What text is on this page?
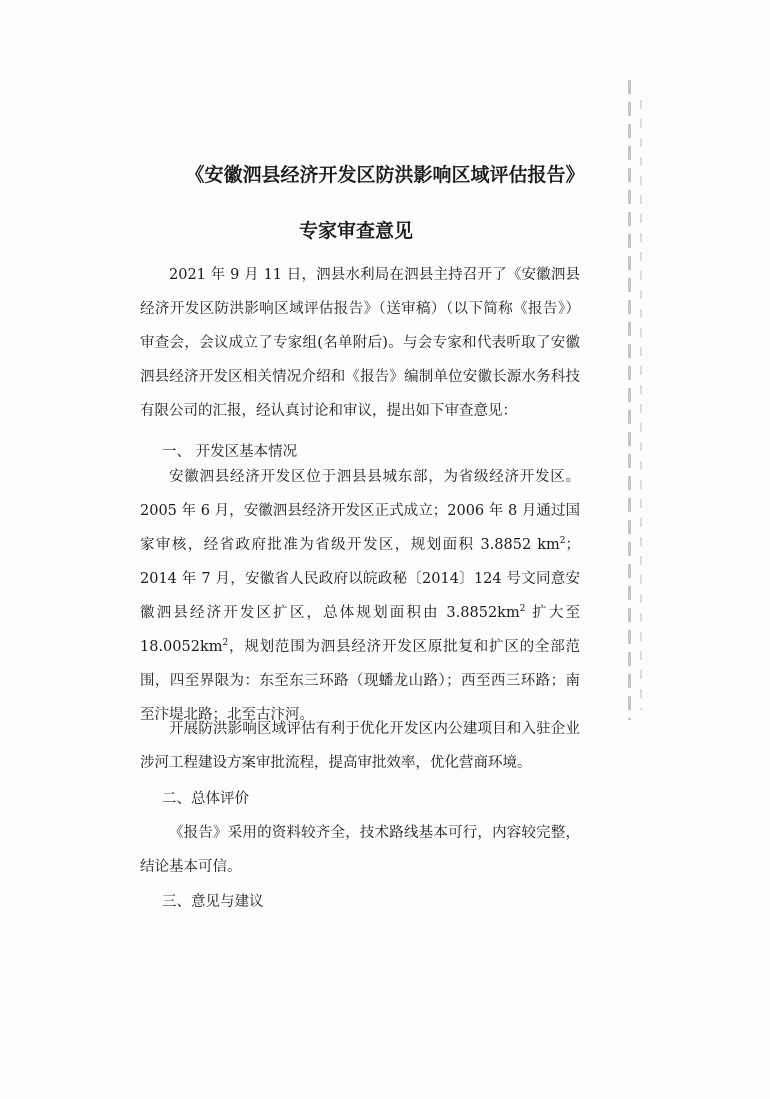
《安徽泗县经济开发区防洪影响区域评估报告》
专家审查意见

2021 年 9 月 11 日，泗县水利局在泗县主持召开了《安徽泗县经济开发区防洪影响区域评估报告》（送审稿）（以下简称《报告》）审查会，会议成立了专家组(名单附后)。与会专家和代表听取了安徽泗县经济开发区相关情况介绍和《报告》编制单位安徽长源水务科技有限公司的汇报，经认真讨论和审议，提出如下审查意见：

一、 开发区基本情况

安徽泗县经济开发区位于泗县县城东部，为省级经济开发区。2005 年 6 月，安徽泗县经济开发区正式成立；2006 年 8 月通过国家审核，经省政府批准为省级开发区，规划面积 3.8852 $km^2$；2014 年 7 月，安徽省人民政府以皖政秘〔2014〕124 号文同意安徽泗县经济开发区扩区，总体规划面积由 $3.8852km^2$ 扩大至 $18.0052km^2$，规划范围为泗县经济开发区原批复和扩区的全部范围，四至界限为：东至东三环路（现蟠龙山路）；西至西三环路；南至汴堤北路；北至古汴河。

开展防洪影响区域评估有利于优化开发区内公建项目和入驻企业涉河工程建设方案审批流程，提高审批效率，优化营商环境。

二、总体评价

《报告》采用的资料较齐全，技术路线基本可行，内容较完整，结论基本可信。

三、意见与建议
